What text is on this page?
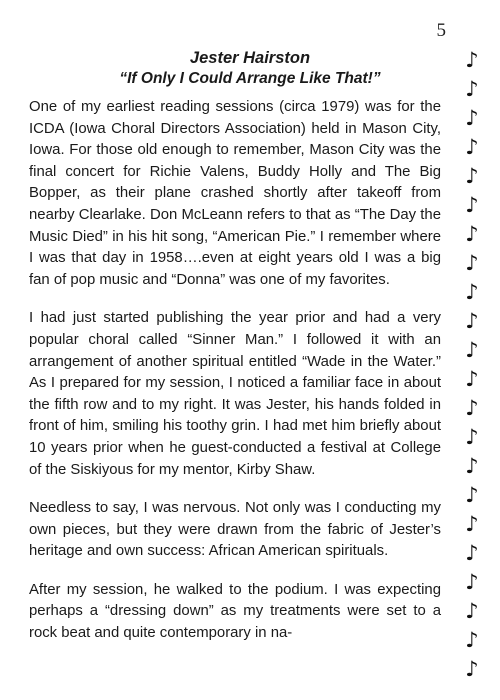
5
Jester Hairston
“If Only I Could Arrange Like That!”

One of my earliest reading sessions (circa 1979) was for the ICDA (Iowa Choral Directors Association) held in Mason City, Iowa. For those old enough to remember, Mason City was the final concert for Richie Valens, Buddy Holly and The Big Bopper, as their plane crashed shortly after takeoff from nearby Clearlake. Don McLeann refers to that as “The Day the Music Died” in his hit song, “American Pie.” I remember where I was that day in 1958….even at eight years old I was a big fan of pop music and “Donna” was one of my favorites.

I had just started publishing the year prior and had a very popular choral called “Sinner Man.” I followed it with an arrangement of another spiritual entitled “Wade in the Water.” As I prepared for my session, I noticed a familiar face in about the fifth row and to my right. It was Jester, his hands folded in front of him, smiling his toothy grin. I had met him briefly about 10 years prior when he guest-conducted a festival at College of the Siskiyous for my mentor, Kirby Shaw.

Needless to say, I was nervous. Not only was I conducting my own pieces, but they were drawn from the fabric of Jester’s heritage and own success: African American spirituals.

After my session, he walked to the podium. I was expecting perhaps a “dressing down” as my treatments were set to a rock beat and quite contemporary in na-

♪
♪
♪
♪
♪
♪
♪
♪
♪
♪
♪
♪
♪
♪
♪
♪
♪
♪
♪
♪
♪
♪
